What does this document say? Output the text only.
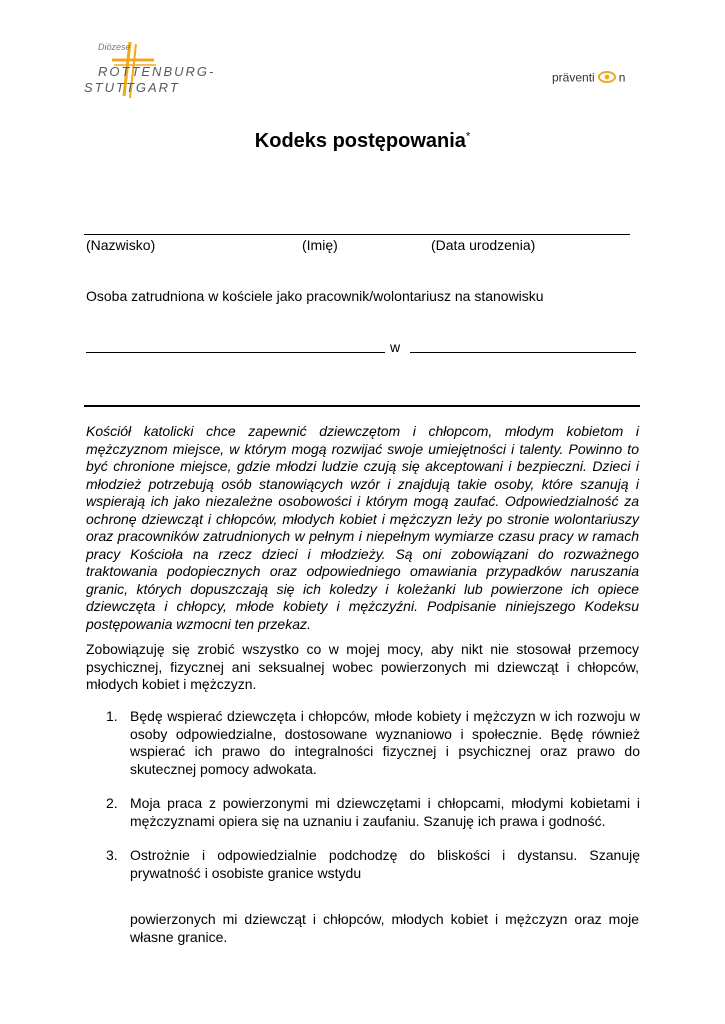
Diözese
ROTTENBURG-
STUTTGART
präventi n
Kodeks postępowania*
(Nazwisko)	(Imię)	(Data urodzenia)
Osoba zatrudniona w kościele jako pracownik/wolontariusz na stanowisku
w
Kościół katolicki chce zapewnić dziewczętom i chłopcom, młodym kobietom i mężczyznom miejsce, w którym mogą rozwijać swoje umiejętności i talenty. Powinno to być chronione miejsce, gdzie młodzi ludzie czują się akceptowani i bezpieczni. Dzieci i młodzież potrzebują osób stanowiących wzór i znajdują takie osoby, które szanują i wspierają ich jako niezależne osobowości i którym mogą zaufać. Odpowiedzialność za ochronę dziewcząt i chłopców, młodych kobiet i mężczyzn leży po stronie wolontariuszy oraz pracowników zatrudnionych w pełnym i niepełnym wymiarze czasu pracy w ramach pracy Kościoła na rzecz dzieci i młodzieży. Są oni zobowiązani do rozważnego traktowania podopiecznych oraz odpowiedniego omawiania przypadków naruszania granic, których dopuszczają się ich koledzy i koleżanki lub powierzone ich opiece dziewczęta i chłopcy, młode kobiety i mężczyźni. Podpisanie niniejszego Kodeksu postępowania wzmocni ten przekaz.
Zobowiązuję się zrobić wszystko co w mojej mocy, aby nikt nie stosował przemocy psychicznej, fizycznej ani seksualnej wobec powierzonych mi dziewcząt i chłopców, młodych kobiet i mężczyzn.
1. Będę wspierać dziewczęta i chłopców, młode kobiety i mężczyzn w ich rozwoju w osoby odpowiedzialne, dostosowane wyznaniowo i społecznie. Będę również wspierać ich prawo do integralności fizycznej i psychicznej oraz prawo do skutecznej pomocy adwokata.
2. Moja praca z powierzonymi mi dziewczętami i chłopcami, młodymi kobietami i mężczyznami opiera się na uznaniu i zaufaniu. Szanuję ich prawa i godność.
3. Ostrożnie i odpowiedzialnie podchodzę do bliskości i dystansu. Szanuję prywatność i osobiste granice wstydu
powierzonych mi dziewcząt i chłopców, młodych kobiet i mężczyzn oraz moje własne granice.
